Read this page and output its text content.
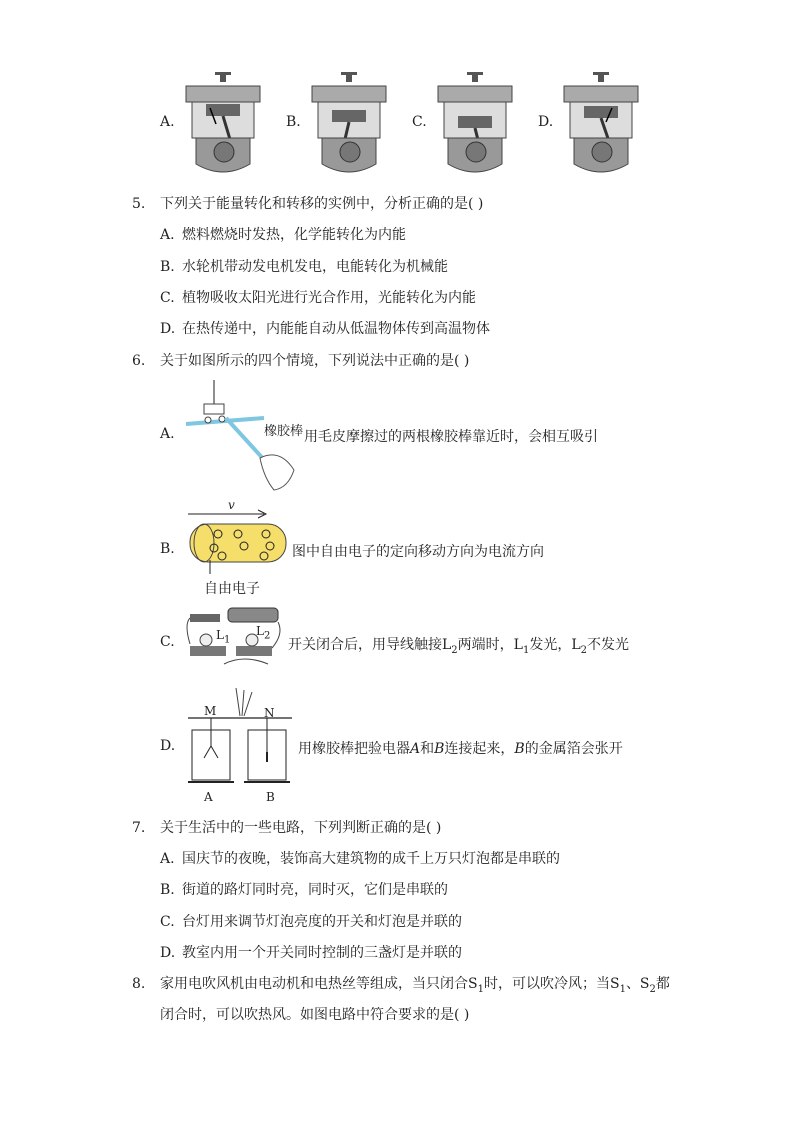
A.	B.	C.	D.
5. 下列关于能量转化和转移的实例中，分析正确的是( )
A. 燃料燃烧时发热，化学能转化为内能
B. 水轮机带动发电机发电，电能转化为机械能
C. 植物吸收太阳光进行光合作用，光能转化为内能
D. 在热传递中，内能能自动从低温物体传到高温物体
6. 关于如图所示的四个情境，下列说法中正确的是( )
A.	橡胶棒 用毛皮摩擦过的两根橡胶棒靠近时，会相互吸引
B.
v
自由电子
图中自由电子的定向移动方向为电流方向
C.	$L_1$
$L_2$
开关闭合后，用导线触接$L_2$两端时，$L_1$发光，$L_2$不发光
D.
M	N
A	B
用橡胶棒把验电器A和B连接起来，B的金属箔会张开
7. 关于生活中的一些电路，下列判断正确的是( )
A. 国庆节的夜晚，装饰高大建筑物的成千上万只灯泡都是串联的
B. 街道的路灯同时亮，同时灭，它们是串联的
C. 台灯用来调节灯泡亮度的开关和灯泡是并联的
D. 教室内用一个开关同时控制的三盏灯是并联的
8. 家用电吹风机由电动机和电热丝等组成，当只闭合$S_1$时，可以吹冷风；当$S_1$、$S_2$都
闭合时，可以吹热风。如图电路中符合要求的是( )
